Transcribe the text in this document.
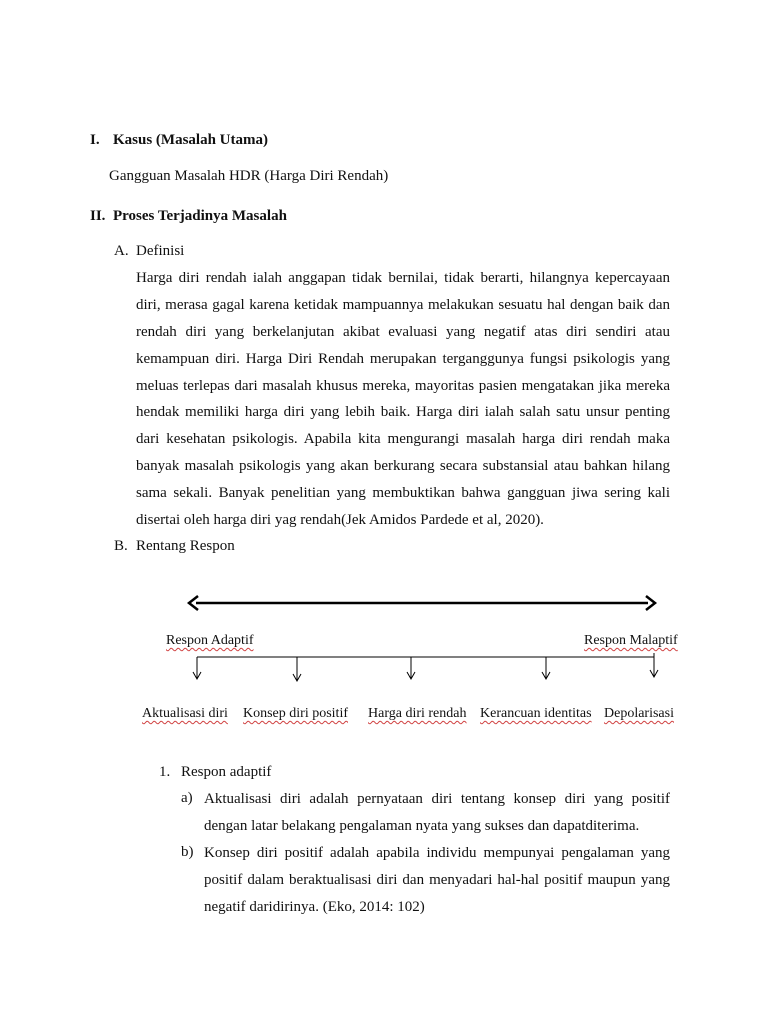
I. Kasus (Masalah Utama)
Gangguan Masalah HDR (Harga Diri Rendah)
II. Proses Terjadinya Masalah
A. Definisi
Harga diri rendah ialah anggapan tidak bernilai, tidak berarti, hilangnya kepercayaan
diri, merasa gagal karena ketidak mampuannya melakukan sesuatu hal dengan baik dan
rendah diri yang berkelanjutan akibat evaluasi yang negatif atas diri sendiri atau
kemampuan diri. Harga Diri Rendah merupakan terganggunya fungsi psikologis yang
meluas terlepas dari masalah khusus mereka, mayoritas pasien mengatakan jika mereka
hendak memiliki harga diri yang lebih baik. Harga diri ialah salah satu unsur penting
dari kesehatan psikologis. Apabila kita mengurangi masalah harga diri rendah maka
banyak masalah psikologis yang akan berkurang secara substansial atau bahkan hilang
sama sekali. Banyak penelitian yang membuktikan bahwa gangguan jiwa sering kali
disertai oleh harga diri yag rendah(Jek Amidos Pardede et al, 2020).
B. Rentang Respon
Respon Adaptif	Respon Malaptif
Aktualisasi diri Konsep diri positif Harga diri rendah Kerancuan identitas Depolarisasi
1. Respon adaptif
a) Aktualisasi diri adalah pernyataan diri tentang konsep diri yang positif
dengan latar belakang pengalaman nyata yang sukses dan dapatditerima.
b) Konsep diri positif adalah apabila individu mempunyai pengalaman yang
positif dalam beraktualisasi diri dan menyadari hal-hal positif maupun yang
negatif daridirinya. (Eko, 2014: 102)
